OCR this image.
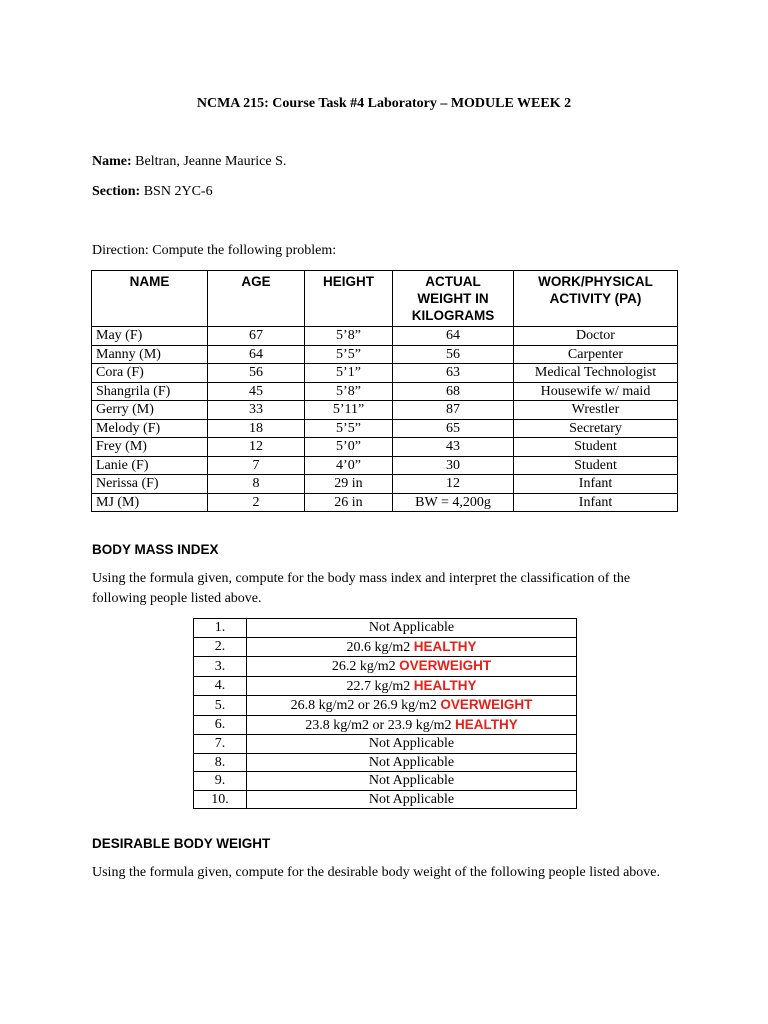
NCMA 215: Course Task #4 Laboratory – MODULE WEEK 2
Name: Beltran, Jeanne Maurice S.
Section: BSN 2YC-6
Direction: Compute the following problem:
NAME	AGE	HEIGHT	ACTUAL WEIGHT IN KILOGRAMS	WORK/PHYSICAL ACTIVITY (PA)
May (F)	67	5’8”	64	Doctor
Manny (M)	64	5’5”	56	Carpenter
Cora (F)	56	5’1”	63	Medical Technologist
Shangrila (F)	45	5’8”	68	Housewife w/ maid
Gerry (M)	33	5’11”	87	Wrestler
Melody (F)	18	5’5”	65	Secretary
Frey (M)	12	5’0”	43	Student
Lanie (F)	7	4’0”	30	Student
Nerissa (F)	8	29 in	12	Infant
MJ (M)	2	26 in	BW = 4,200g	Infant
BODY MASS INDEX
Using the formula given, compute for the body mass index and interpret the classification of the following people listed above.
1.	Not Applicable
2.	20.6 kg/m2 HEALTHY
3.	26.2 kg/m2 OVERWEIGHT
4.	22.7 kg/m2 HEALTHY
5.	26.8 kg/m2 or 26.9 kg/m2 OVERWEIGHT
6.	23.8 kg/m2 or 23.9 kg/m2 HEALTHY
7.	Not Applicable
8.	Not Applicable
9.	Not Applicable
10.	Not Applicable
DESIRABLE BODY WEIGHT
Using the formula given, compute for the desirable body weight of the following people listed above.
